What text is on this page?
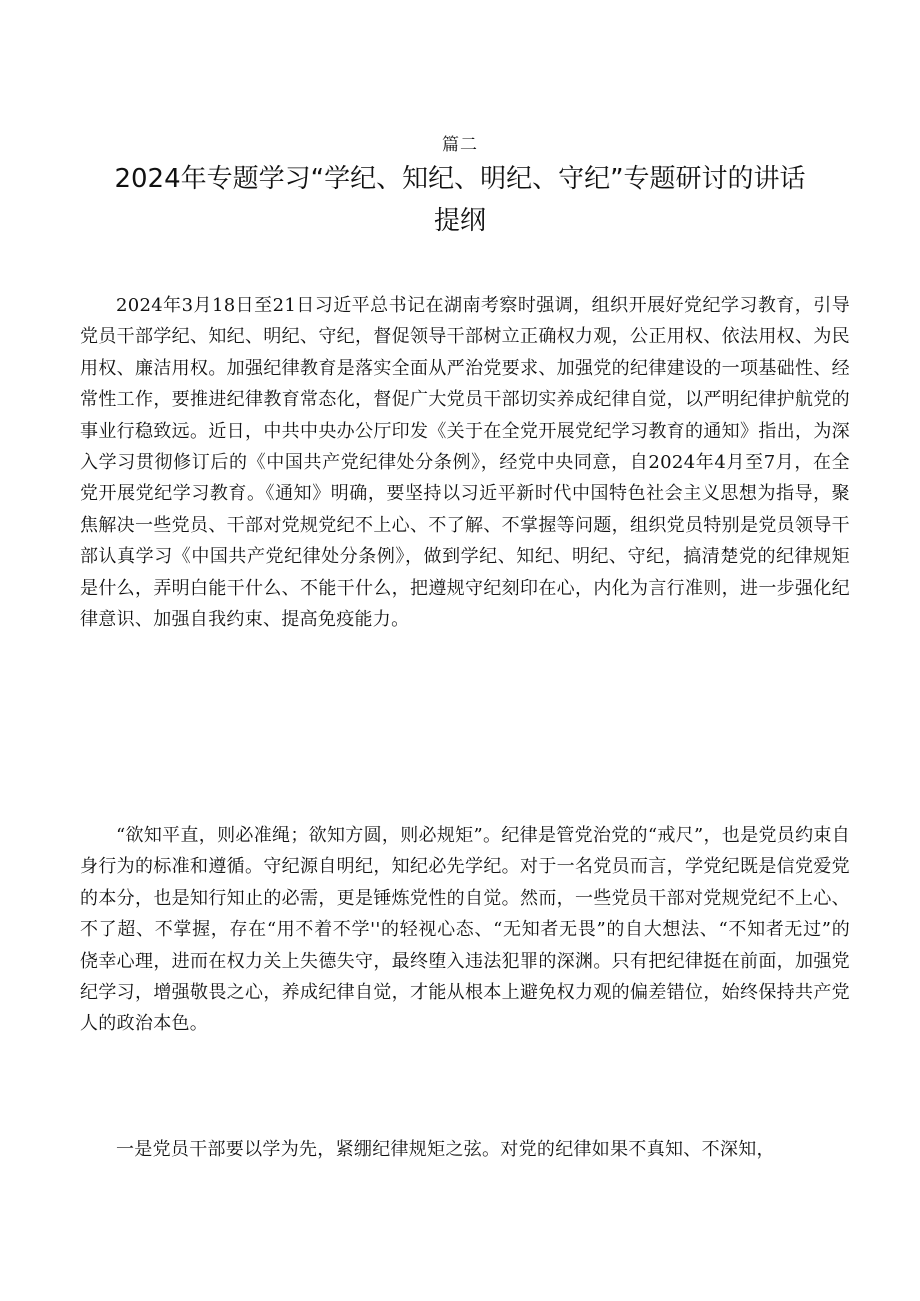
篇二
2024年专题学习“学纪、知纪、明纪、守纪”专题研讨的讲话提纲

2024年3月18日至21日习近平总书记在湖南考察时强调，组织开展好党纪学习教育，引导党员干部学纪、知纪、明纪、守纪，督促领导干部树立正确权力观，公正用权、依法用权、为民用权、廉洁用权。加强纪律教育是落实全面从严治党要求、加强党的纪律建设的一项基础性、经常性工作，要推进纪律教育常态化，督促广大党员干部切实养成纪律自觉，以严明纪律护航党的事业行稳致远。近日，中共中央办公厅印发《关于在全党开展党纪学习教育的通知》指出，为深入学习贯彻修订后的《中国共产党纪律处分条例》，经党中央同意，自2024年4月至7月，在全党开展党纪学习教育。《通知》明确，要坚持以习近平新时代中国特色社会主义思想为指导，聚焦解决一些党员、干部对党规党纪不上心、不了解、不掌握等问题，组织党员特别是党员领导干部认真学习《中国共产党纪律处分条例》，做到学纪、知纪、明纪、守纪，搞清楚党的纪律规矩是什么，弄明白能干什么、不能干什么，把遵规守纪刻印在心，内化为言行准则，进一步强化纪律意识、加强自我约束、提高免疫能力。

“欲知平直，则必准绳；欲知方圆，则必规矩”。纪律是管党治党的“戒尺”，也是党员约束自身行为的标准和遵循。守纪源自明纪，知纪必先学纪。对于一名党员而言，学党纪既是信党爱党的本分，也是知行知止的必需，更是锤炼党性的自觉。然而，一些党员干部对党规党纪不上心、不了超、不掌握，存在“用不着不学''的轻视心态、“无知者无畏”的自大想法、“不知者无过”的侥幸心理，进而在权力关上失德失守，最终堕入违法犯罪的深渊。只有把纪律挺在前面，加强党纪学习，增强敬畏之心，养成纪律自觉，才能从根本上避免权力观的偏差错位，始终保持共产党人的政治本色。

一是党员干部要以学为先，紧绷纪律规矩之弦。对党的纪律如果不真知、不深知，
